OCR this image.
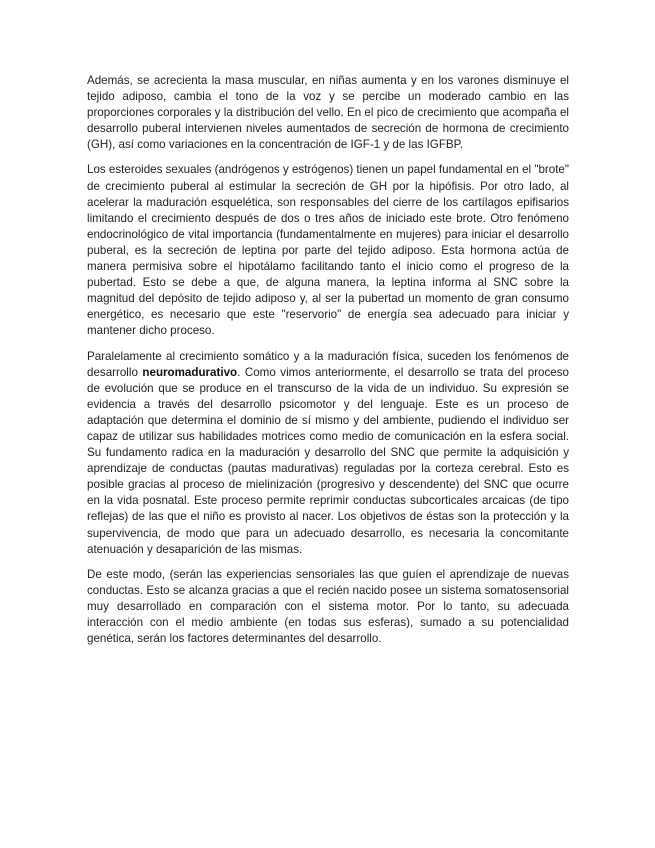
Además, se acrecienta la masa muscular, en niñas aumenta y en los varones disminuye el tejido adiposo, cambia el tono de la voz y se percibe un moderado cambio en las proporciones corporales y la distribución del vello. En el pico de crecimiento que acompaña el desarrollo puberal intervienen niveles aumentados de secreción de hormona de crecimiento (GH), así como variaciones en la concentración de IGF-1 y de las IGFBP.

Los esteroides sexuales (andrógenos y estrógenos) tienen un papel fundamental en el "brote" de crecimiento puberal al estimular la secreción de GH por la hipófisis. Por otro lado, al acelerar la maduración esquelética, son responsables del cierre de los cartílagos epifisarios limitando el crecimiento después de dos o tres años de iniciado este brote. Otro fenómeno endocrinológico de vital importancia (fundamentalmente en mujeres) para iniciar el desarrollo puberal, es la secreción de leptina por parte del tejido adiposo. Esta hormona actúa de manera permisiva sobre el hipotálamo facilitando tanto el inicio como el progreso de la pubertad. Esto se debe a que, de alguna manera, la leptina informa al SNC sobre la magnitud del depósito de tejido adiposo y, al ser la pubertad un momento de gran consumo energético, es necesario que este "reservorio" de energía sea adecuado para iniciar y mantener dicho proceso.

Paralelamente al crecimiento somático y a la maduración física, suceden los fenómenos de desarrollo neuromadurativo. Como vimos anteriormente, el desarrollo se trata del proceso de evolución que se produce en el transcurso de la vida de un individuo. Su expresión se evidencia a través del desarrollo psicomotor y del lenguaje. Este es un proceso de adaptación que determina el dominio de sí mismo y del ambiente, pudiendo el individuo ser capaz de utilizar sus habilidades motrices como medio de comunicación en la esfera social. Su fundamento radica en la maduración y desarrollo del SNC que permite la adquisición y aprendizaje de conductas (pautas madurativas) reguladas por la corteza cerebral. Esto es posible gracias al proceso de mielinización (progresivo y descendente) del SNC que ocurre en la vida posnatal. Este proceso permite reprimir conductas subcorticales arcaicas (de tipo reflejas) de las que el niño es provisto al nacer. Los objetivos de éstas son la protección y la supervivencia, de modo que para un adecuado desarrollo, es necesaria la concomitante atenuación y desaparición de las mismas.

De este modo, (serán las experiencias sensoriales las que guíen el aprendizaje de nuevas conductas. Esto se alcanza gracias a que el recién nacido posee un sistema somatosensorial muy desarrollado en comparación con el sistema motor. Por lo tanto, su adecuada interacción con el medio ambiente (en todas sus esferas), sumado a su potencialidad genética, serán los factores determinantes del desarrollo.
